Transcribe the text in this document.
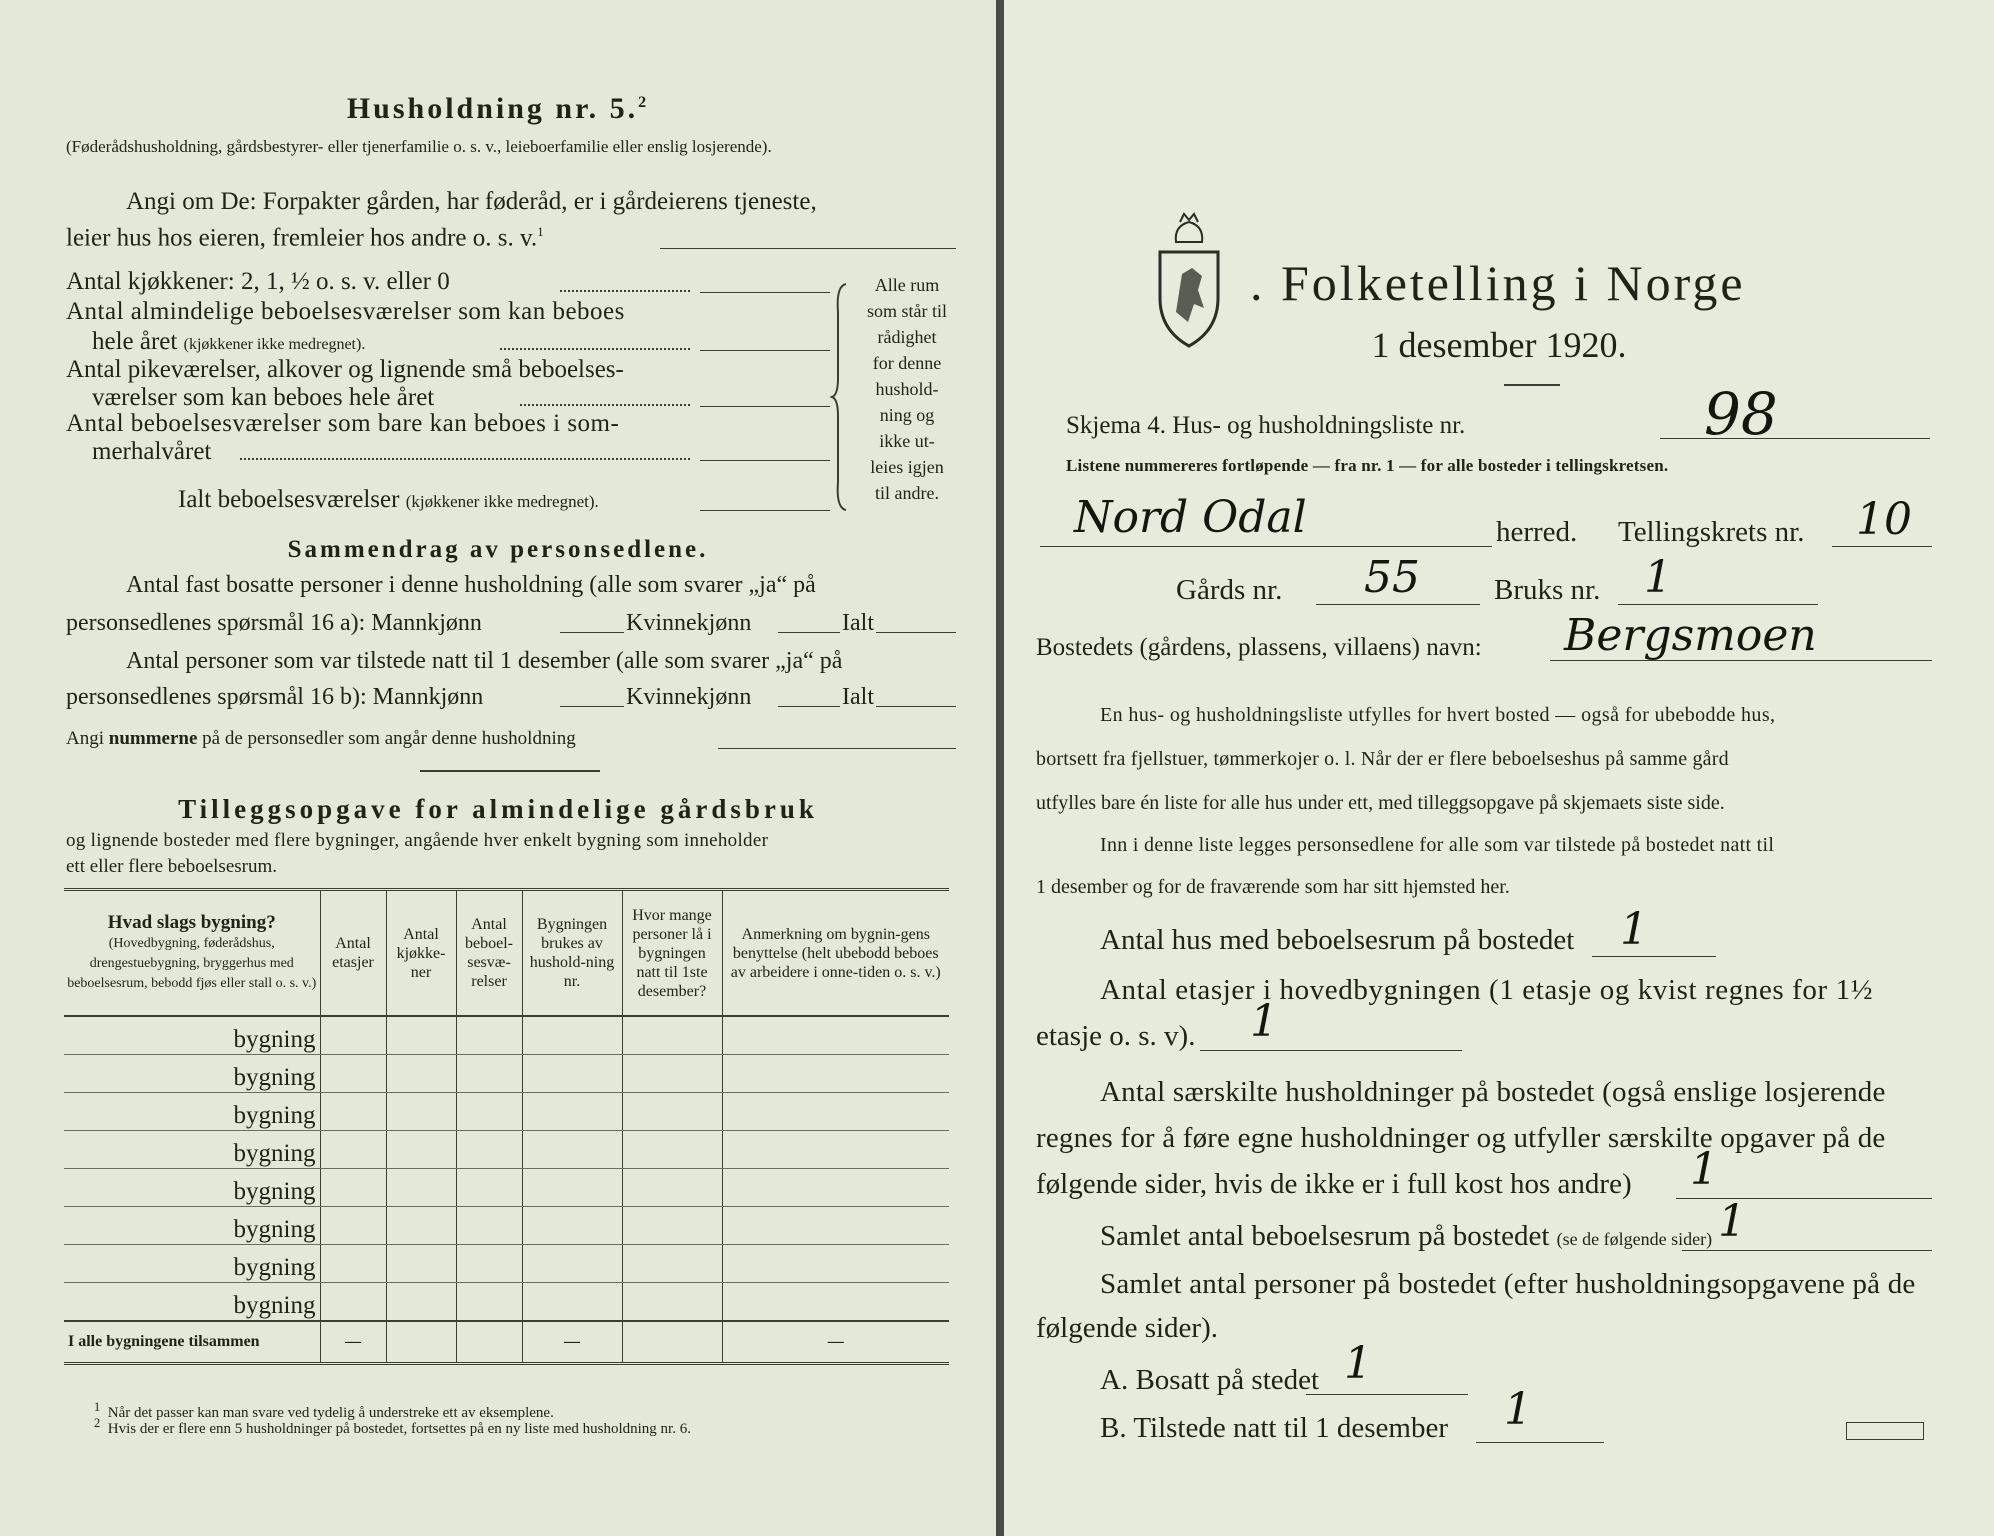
Husholdning nr. 5.$^2$
(Føderådshusholdning, gårdsbestyrer- eller tjenerfamilie o. s. v., leieboerfamilie eller enslig losjerende).
Angi om De: Forpakter gården, har føderåd, er i gårdeierens tjeneste,
leier hus hos eieren, fremleier hos andre o. s. v.$^1$
Antal kjøkkener: 2, 1, ½ o. s. v. eller 0
Antal almindelige beboelsesværelser som kan beboes
hele året (kjøkkener ikke medregnet).
Antal pikeværelser, alkover og lignende små beboelses-
værelser som kan beboes hele året
Antal beboelsesværelser som bare kan beboes i som-
merhalvåret
Ialt beboelsesværelser (kjøkkener ikke medregnet).
Alle rum
som står til
rådighet
for denne
hushold-
ning og
ikke ut-
leies igjen
til andre.
Sammendrag av personsedlene.
Antal fast bosatte personer i denne husholdning (alle som svarer „ja“ på
personsedlenes spørsmål 16 a): Mannkjønn	Kvinnekjønn	Ialt
Antal personer som var tilstede natt til 1 desember (alle som svarer „ja“ på
personsedlenes spørsmål 16 b): Mannkjønn	Kvinnekjønn	Ialt
Angi nummerne på de personsedler som angår denne husholdning
Tilleggsopgave for almindelige gårdsbruk
og lignende bosteder med flere bygninger, angående hver enkelt bygning som inneholder
ett eller flere beboelsesrum.
Hvad slags bygning?
(Hovedbygning, føderådshus, drengestuebygning, bryggerhus med beboelsesrum, bebodd fjøs eller stall o. s. v.)	Antal etasjer	Antal kjøkke-ner	Antal beboel-sesvæ-relser	Bygningen brukes av hushold-ning nr.	Hvor mange personer lå i bygningen natt til 1ste desember?	Anmerkning om bygnin-gens benyttelse (helt ubebodd beboes av arbeidere i onne-tiden o. s. v.)
bygning						
bygning						
bygning						
bygning						
bygning						
bygning						
bygning						
bygning						
I alle bygningene tilsammen	—			—		—
$^1$ Når det passer kan man svare ved tydelig å understreke ett av eksemplene.
$^2$ Hvis der er flere enn 5 husholdninger på bostedet, fortsettes på en ny liste med husholdning nr. 6.
. Folketelling i Norge
1 desember 1920.
Skjema 4. Hus- og husholdningsliste nr.	98
Listene nummereres fortløpende — fra nr. 1 — for alle bosteder i tellingskretsen.
Nord Odal	herred. Tellingskrets nr. 10
Gårds nr. 55	Bruks nr. 1
Bostedets (gårdens, plassens, villaens) navn: Bergsmoen
En hus- og husholdningsliste utfylles for hvert bosted — også for ubebodde hus,
bortsett fra fjellstuer, tømmerkojer o. l. Når der er flere beboelseshus på samme gård
utfylles bare én liste for alle hus under ett, med tilleggsopgave på skjemaets siste side.
Inn i denne liste legges personsedlene for alle som var tilstede på bostedet natt til
1 desember og for de fraværende som har sitt hjemsted her.
Antal hus med beboelsesrum på bostedet 1
Antal etasjer i hovedbygningen (1 etasje og kvist regnes for 1½
etasje o. s. v). 1
Antal særskilte husholdninger på bostedet (også enslige losjerende
regnes for å føre egne husholdninger og utfyller særskilte opgaver på de
følgende sider, hvis de ikke er i full kost hos andre) 1
Samlet antal beboelsesrum på bostedet (se de følgende sider) 1
Samlet antal personer på bostedet (efter husholdningsopgavene på de
følgende sider).
A. Bosatt på stedet 1
B. Tilstede natt til 1 desember 1
